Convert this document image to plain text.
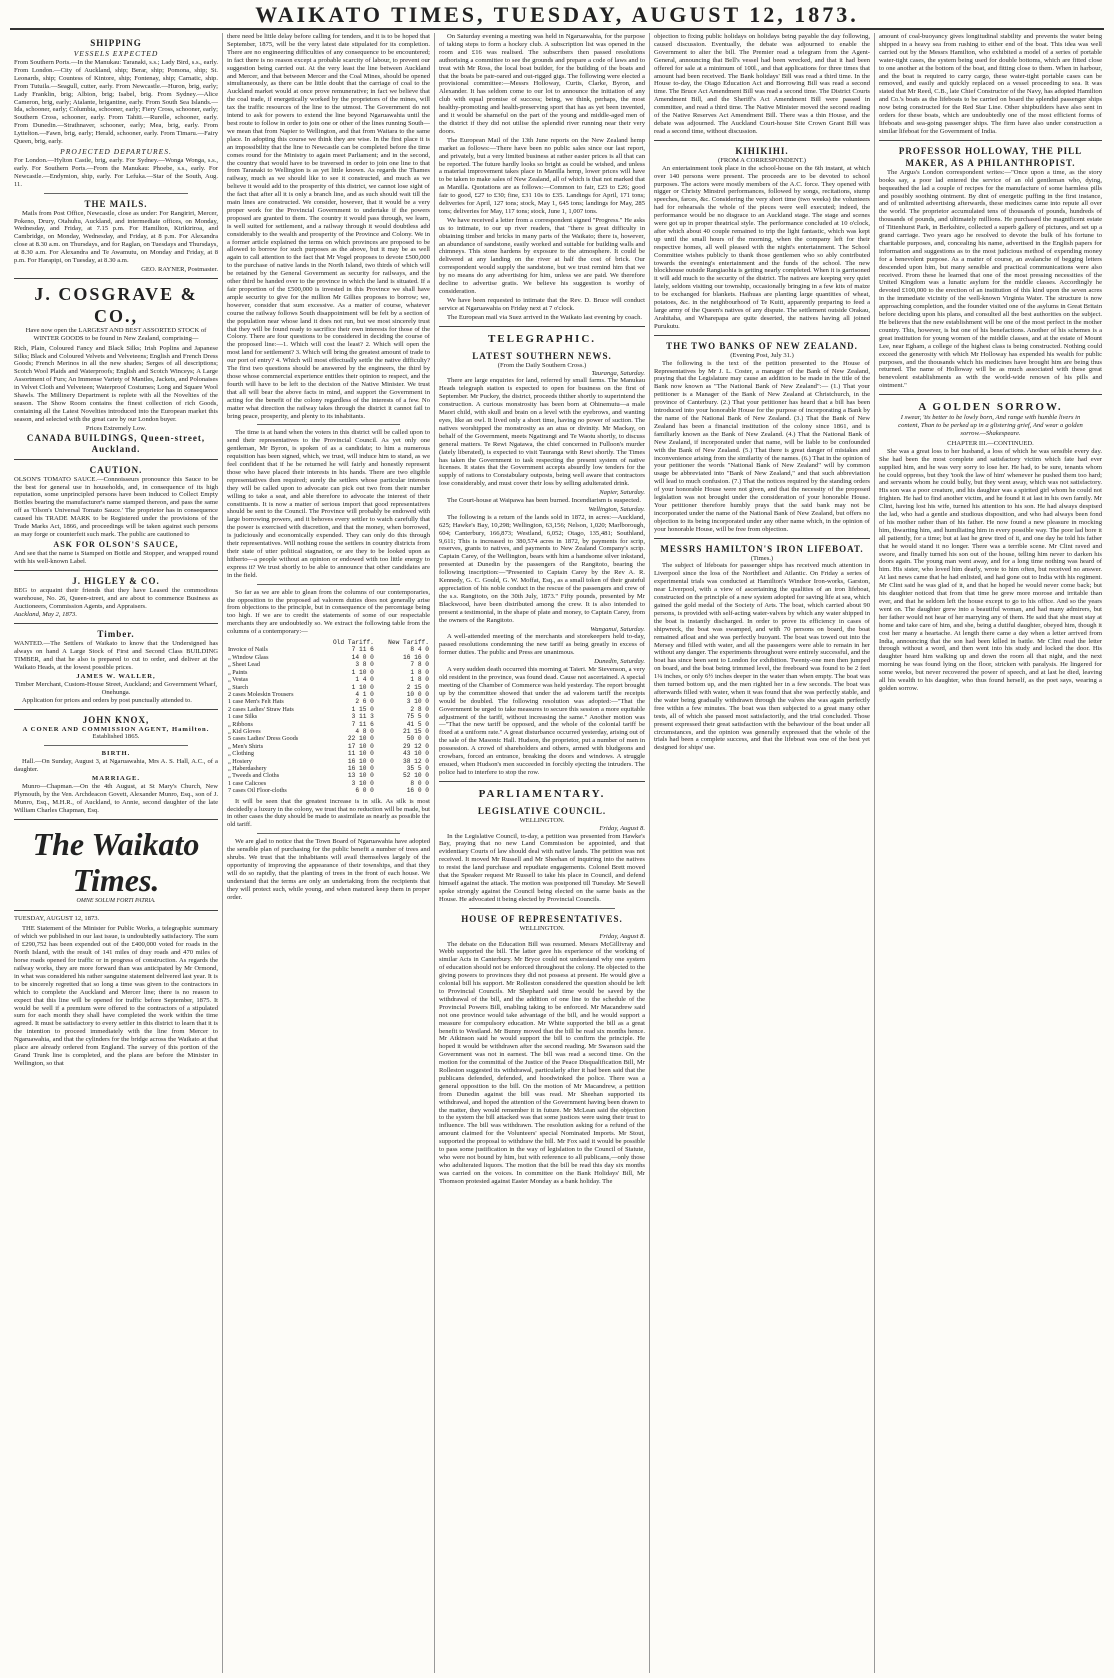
WAIKATO TIMES, TUESDAY, AUGUST 12, 1873.
SHIPPING
VESSELS EXPECTED

From Southern Ports.—In the Manukau: Taranaki, s.s.; Lady Bird, s.s., early. From London.—City of Auckland, ship; Berar, ship; Pomona, ship; St. Leonards, ship; Countess of Kintore, ship; Fontenay, ship; Carnatic, ship. From Tutuila.—Seagull, cutter, early. From Newcastle.—Huron, brig, early; Lady Franklin, brig; Albion, brig; Isabel, brig. From Sydney.—Alice Cameron, brig, early; Atalante, brigantine, early. From South Sea Islands.—Ida, schooner, early; Columbia, schooner, early; Fiery Cross, schooner, early; Southern Cross, schooner, early. From Tahiti.—Rurelle, schooner, early. From Dunedin.—Strathnaver, schooner, early; Mea, brig, early. From Lyttelton.—Fawn, brig, early; Herald, schooner, early. From Timaru.—Fairy Queen, brig, early.

PROJECTED DEPARTURES.

For London.—Hylton Castle, brig, early. For Sydney.—Wonga Wonga, s.s., early. For Southern Ports.—From the Manukau: Phoebe, s.s., early. For Newcastle.—Endymion, ship, early. For Lefuka.—Star of the South, Aug. 11.

THE MAILS.

Mails from Post Office, Newcastle, close as under: For Rangiriri, Mercer, Pokeno, Drury, Otahuhu, Auckland, and intermediate offices, on Monday, Wednesday, and Friday, at 7.15 p.m. For Hamilton, Kirikiriroa, and Cambridge, on Monday, Wednesday, and Friday, at 8 p.m. For Alexandra close at 8.30 a.m. on Thursdays, and for Raglan, on Tuesdays and Thursdays, at 8.30 a.m. For Alexandra and Te Awamutu, on Monday and Friday, at 8 p.m. For Harapipi, on Tuesday, at 8.30 a.m.

GEO. RAYNER, Postmaster.
J. COSGRAVE & CO.,
Have now open the LARGEST AND BEST ASSORTED STOCK of WINTER GOODS to be found in New Zealand, comprising—

Rich, Plain, Coloured Fancy and Black Silks; Irish Poplins and Japanese Silks; Black and Coloured Velvets and Velveteens; English and French Dress Goods; French Merinos in all the new shades; Serges of all descriptions; Scotch Wool Plaids and Waterproofs; English and Scotch Winceys; A Large Assortment of Furs; An Immense Variety of Mantles, Jackets, and Polonaises in Velvet Cloth and Velveteen; Waterproof Costumes; Long and Square Wool Shawls. The Millinery Department is replete with all the Novelties of the season. The Show Room contains the finest collection of rich Goods, containing all the Latest Novelties introduced into the European market this season, and selected with the great care by our London buyer.

Prices Extremely Low.
CANADA BUILDINGS, Queen-street, Auckland.
CAUTION.

OLSON'S TOMATO SAUCE.—Connoisseurs pronounce this Sauce to be the best for general use in households, and, in consequence of its high reputation, some unprincipled persons have been induced to Collect Empty Bottles bearing the manufacturer's name stamped thereon, and pass the same off as 'Olson's Universal Tomato Sauce.' The proprietor has in consequence caused his TRADE MARK to be Registered under the provisions of the Trade Marks Act, 1866, and proceedings will be taken against such persons as may forge or counterfeit such mark. The public are cautioned to

ASK FOR OLSON'S SAUCE,

And see that the name is Stamped on Bottle and Stopper, and wrapped round with his well-known Label.

J. HIGLEY & CO.

BEG to acquaint their friends that they have Leased the commodious warehouse, No. 26, Queen-street, and are about to commence Business as Auctioneers, Commission Agents, and Appraisers.

Auckland, May 2, 1873.
Timber.

WANTED.—The Settlers of Waikato to know that the Undersigned has always on hand A Large Stock of First and Second Class BUILDING TIMBER, and that he also is prepared to cut to order, and deliver at the Waikato Heads, at the lowest possible prices.

JAMES W. WALLER,
Timber Merchant, Custom-House Street, Auckland; and Government Wharf, Onehunga.

Application for prices and orders by post punctually attended to.

JOHN KNOX,
A CONER AND COMMISSION AGENT, Hamilton.
Established 1865.
BIRTH.

Hall.—On Sunday, August 3, at Ngaruawahia, Mrs A. S. Hall, A.C., of a daughter.

MARRIAGE.

Munro—Chapman.—On the 4th August, at St Mary's Church, New Plymouth, by the Ven. Archdeacon Govett, Alexander Munro, Esq., son of J. Munro, Esq., M.H.R., of Auckland, to Annie, second daughter of the late William Charles Chapman, Esq.

The Waikato Times.
OMNE SOLUM FORTI PATRIA.
TUESDAY, AUGUST 12, 1873.

THE Statement of the Minister for Public Works, a telegraphic summary of which we published in our last issue, is undoubtedly satisfactory. The sum of £290,752 has been expended out of the £400,000 voted for roads in the North Island, with the result of 141 miles of dray roads and 470 miles of horse roads opened for traffic or in progress of construction. As regards the railway works, they are more forward than was anticipated by Mr Ormond, in what was considered his rather sanguine statement delivered last year. It is to be sincerely regretted that so long a time was given to the contractors in which to complete the Auckland and Mercer line; there is no reason to expect that this line will be opened for traffic before September, 1875. It would be well if a premium were offered to the contractors of a stipulated sum for each month they shall have completed the work within the time agreed. It must be satisfactory to every settler in this district to learn that it is the intention to proceed immediately with the line from Mercer to Ngaruawahia, and that the cylinders for the bridge across the Waikato at that place are already ordered from England. The survey of this portion of the Grand Trunk line is completed, and the plans are before the Minister in Wellington, so that

there need be little delay before calling for tenders, and it is to be hoped that September, 1875, will be the very latest date stipulated for its completion. There are no engineering difficulties of any consequence to be encountered; in fact there is no reason except a probable scarcity of labour, to prevent our suggestion being carried out. At the very least the line between Auckland and Mercer, and that between Mercer and the Coal Mines, should be opened simultaneously, as there can be little doubt that the carriage of coal to the Auckland market would at once prove remunerative; in fact we believe that the coal trade, if energetically worked by the proprietors of the mines, will tax the traffic resources of the line to the utmost. The Government do not intend to ask for powers to extend the line beyond Ngaruawahia until the best route to follow in order to join one or other of the lines running South—we mean that from Napier to Wellington, and that from Waitara to the same place. In adopting this course we think they are wise. In the first place it is an impossibility that the line to Newcastle can be completed before the time comes round for the Ministry to again meet Parliament; and in the second, the country that would have to be traversed in order to join one line to that from Taranaki to Wellington is as yet little known. As regards the Thames railway, much as we should like to see it constructed, and much as we believe it would add to the prosperity of this district, we cannot lose sight of the fact that after all it is only a branch line, and as such should wait till the main lines are constructed. We consider, however, that it would be a very proper work for the Provincial Government to undertake if the powers proposed are granted to them. The country it would pass through, we learn, is well suited for settlement, and a railway through it would doubtless add considerably to the wealth and prosperity of the Province and Colony. We in a former article explained the terms on which provinces are proposed to be allowed to borrow for such purposes as the above, but it may be as well again to call attention to the fact that Mr Vogel proposes to devote £500,000 to the purchase of native lands in the North Island, two thirds of which will be retained by the General Government as security for railways, and the other third be handed over to the province in which the land is situated. If a fair proportion of the £500,000 is invested in this Province we shall have ample security to give for the million Mr Gillies proposes to borrow; we, however, consider that sum excessive. As a matter of course, whatever course the railway follows South disappointment will be felt by a section of the population near whose land it does not run, but we most sincerely trust that they will be found ready to sacrifice their own interests for those of the Colony. There are four questions to be considered in deciding the course of the proposed line:—1. Which will cost the least? 2. Which will open the most land for settlement? 3. Which will bring the greatest amount of trade to our port of entry? 4. Which will most effectually settle the native difficulty? The first two questions should be answered by the engineers, the third by those whose commercial experience entitles their opinion to respect, and the fourth will have to be left to the decision of the Native Minister. We trust that all will bear the above facts in mind, and support the Government in acting for the benefit of the colony regardless of the interests of a few. No matter what direction the railway takes through the district it cannot fail to bring peace, prosperity, and plenty to its inhabitants.

The time is at hand when the voters in this district will be called upon to send their representatives to the Provincial Council. As yet only one gentleman, Mr Byron, is spoken of as a candidate; to him a numerous requisition has been signed, which, we trust, will induce him to stand, as we feel confident that if he be returned he will fairly and honestly represent those who have placed their interests in his hands. There are two eligible representatives then required; surely the settlers whose particular interests they will be called upon to advocate can pick out two from their number willing to take a seat, and able therefore to advocate the interest of their constituents. It is now a matter of serious import that good representatives should be sent to the Council. The Province will probably be endowed with large borrowing powers, and it behoves every settler to watch carefully that the power is exercised with discretion, and that the money, when borrowed, is judiciously and economically expended. They can only do this through their representatives. Will nothing rouse the settlers in country districts from their state of utter political stagnation, or are they to be looked upon as hitherto—a people without an opinion or endowed with too little energy to express it? We trust shortly to be able to announce that other candidates are in the field.

So far as we are able to glean from the columns of our contemporaries, the opposition to the proposed ad valorem duties does not generally arise from objections to the principle, but in consequence of the percentage being too high. If we are to credit the statements of some of our respectable merchants they are undoubtedly so. We extract the following table from the columns of a contemporary:—

	Old Tariff.	New Tariff.
Invoice of Nails	7 11 6	8 4 0
„ Window Glass	14 0 0	16 16 0
„ Sheet Lead	3 8 0	7 8 0
„ Paints	1 10 0	1 8 0
„ Vestas	1 4 0	1 8 0
„ Starch	1 10 0	2 15 0
2 cases Moleskin Trousers	4 1 0	10 0 0
1 case Men's Felt Hats	2 6 0	3 10 0
2 cases Ladies' Straw Hats	1 15 0	2 8 0
1 case Silks	3 11 3	75 5 0
„ Ribbons	7 11 6	41 5 0
„ Kid Gloves	4 8 0	21 15 0
5 cases Ladies' Dress Goods	22 10 0	50 0 0
„ Men's Shirts	17 10 0	29 12 0
„ Clothing	11 10 0	43 10 0
„ Hosiery	16 10 0	38 12 0
„ Haberdashery	16 10 0	35 5 0
„ Tweeds and Cloths	13 10 0	52 10 0
1 case Calicoes	3 10 0	8 0 0
7 cases Oil Floor-cloths	6 0 0	16 0 0

It will be seen that the greatest increase is in silk. As silk is most decidedly a luxury in the colony, we trust that no reduction will be made, but in other cases the duty should be made to assimilate as nearly as possible the old tariff.

We are glad to notice that the Town Board of Ngaruawahia have adopted the sensible plan of purchasing for the public benefit a number of trees and shrubs. We trust that the inhabitants will avail themselves largely of the opportunity of improving the appearance of their townships, and that they will do so rapidly, that the planting of trees in the front of each house. We understand that the terms are only an undertaking from the recipients that they will protect such, while young, and when matured keep them in proper order.

On Saturday evening a meeting was held in Ngaruawahia, for the purpose of taking steps to form a hockey club. A subscription list was opened in the room and £16 was realised. The subscribers then passed resolutions authorising a committee to see the grounds and prepare a code of laws and to treat with Mr Ross, the local boat builder, for the building of the boats and that the boats be pair-oared and out-rigged gigs. The following were elected a provisional committee:—Messrs Holloway, Curtis, Clarke, Byron, and Alexander. It has seldom come to our lot to announce the initiation of any club with equal promise of success; being, we think, perhaps, the most healthy-promoting and health-preserving sport that has as yet been invented, and it would be shameful on the part of the young and middle-aged men of the district if they did not utilise the splendid river running near their very doors.

The European Mail of the 13th June reports on the New Zealand hemp market as follows:—There have been no public sales since our last report, and privately, but a very limited business at rather easier prices is all that can be reported. The future hardly looks so bright as could be wished, and unless a material improvement takes place in Manilla hemp, lower prices will have to be taken to make sales of New Zealand, all of which is that not marked that as Manilla. Quotations are as follows:—Common to fair, £23 to £26; good fair to good, £27 to £30; fine, £31 10s to £35. Landings for April, 171 tons; deliveries for April, 127 tons; stock, May 1, 645 tons; landings for May, 285 tons; deliveries for May, 117 tons; stock, June 1, 1,007 tons.

We have received a letter from a correspondent signed "Progress." He asks us to intimate, to our up river readers, that "there is great difficulty in obtaining timber and bricks in many parts of the Waikato; there is, however, an abundance of sandstone, easily worked and suitable for building walls and chimneys. This stone hardens by exposure to the atmosphere. It could be delivered at any landing on the river at half the cost of brick. Our correspondent would supply the sandstone, but we trust remind him that we by no means do any advertising for him, unless we are paid. We therefore decline to advertise gratis. We believe his suggestion is worthy of consideration.

We have been requested to intimate that the Rev. D. Bruce will conduct service at Ngaruawahia on Friday next at 7 o'clock.

The European mail via Suez arrived in the Waikato last evening by coach.

TELEGRAPHIC.
LATEST SOUTHERN NEWS.
(From the Daily Southern Cross.)
Tauranga, Saturday.

There are large enquiries for land, referred by small farms. The Manukau Heads telegraph station is expected to open for business on the first of September. Mr Puckey, the district, proceeds thither shortly to superintend the construction. A curious monstrosity has been born at Ohinemutu—a male Maori child, with skull and brain on a level with the eyebrows, and wanting eyes, like an owl. It lived only a short time, having no power of suction. The natives worshipped the monstrosity as an atua or divinity. Mr Mackay, on behalf of the Government, meets Ngatirangi and Te Waotu shortly, to discuss general matters. Te Rewi Ngatawa, the chief concerned in Fulloon's murder (lately liberated), is expected to visit Tauranga with Rewi shortly. The Times has taken the Government to task respecting the present system of native licenses. It states that the Government accepts absurdly low tenders for the supply of rations to Constabulary outposts, being well aware that contractors lose considerably, and must cover their loss by selling adulterated drink.

Napier, Saturday.

The Court-house at Waipawa has been burned. Incendiarism is suspected.

Wellington, Saturday.

The following is a return of the lands sold in 1872, in acres:—Auckland, 625; Hawke's Bay, 10,298; Wellington, 63,156; Nelson, 1,020; Marlborough, 604; Canterbury, 166,873; Westland, 6,052; Otago, 135,481; Southland, 9,611; This is increased to 380,574 acres in 1872, by payments for scrip, reserves, grants to natives, and payments to New Zealand Company's scrip. Captain Carey, of the Wellington, bears with him a handsome silver inkstand, presented at Dunedin by the passengers of the Rangitoto, bearing the following inscription:—"Presented to Captain Carey by the Rev A. R. Kennedy, G. C. Gould, G. W. Moffat, Esq., as a small token of their grateful appreciation of his noble conduct in the rescue of the passengers and crew of the s.s. Rangitoto, on the 30th July, 1873." Fifty pounds, presented by Mr Blackwood, have been distributed among the crew. It is also intended to present a testimonial, in the shape of plate and money, to Captain Carey, from the owners of the Rangitoto.

Wanganui, Saturday.

A well-attended meeting of the merchants and storekeepers held to-day, passed resolutions condemning the new tariff as being greatly in excess of former duties. The public and Press are unanimous.

Dunedin, Saturday.

A very sudden death occurred this morning at Taieri. Mr Stevenson, a very old resident in the province, was found dead. Cause not ascertained. A special meeting of the Chamber of Commerce was held yesterday. The report brought up by the committee showed that under the ad valorem tariff the receipts would be doubled. The following resolution was adopted:—"That the Government be urged to take measures to secure this session a more equitable adjustment of the tariff, without increasing the same." Another motion was—"That the new tariff be opposed, and the whole of the colonial tariff be fixed at a uniform rate." A great disturbance occurred yesterday, arising out of the sale of the Masonic Hall. Hudson, the proprietor, put a number of men in possession. A crowd of shareholders and others, armed with bludgeons and crowbars, forced an entrance, breaking the doors and windows. A struggle ensued, when Hudson's men succeeded in forcibly ejecting the intruders. The police had to interfere to stop the row.

PARLIAMENTARY.
LEGISLATIVE COUNCIL.
WELLINGTON.
Friday, August 8.

In the Legislative Council, to-day, a petition was presented from Hawke's Bay, praying that no new Land Commission be appointed, and that evidentiary Courts of law should deal with native lands. The petition was not received. It moved Mr Russell and Mr Sheehan of inquiring into the natives to resist the land purchase and repudiate engagements. Colonel Brett moved that the Speaker request Mr Russell to take his place in Council, and defend himself against the attack. The motion was postponed till Tuesday. Mr Sewell spoke strongly against the Council being elected on the same basis as the House. He advocated it being elected by Provincial Councils.

HOUSE OF REPRESENTATIVES.
WELLINGTON.
Friday, August 8.

The debate on the Education Bill was resumed. Messrs McGillivray and Webb supported the bill. The latter gave his experience of the working of similar Acts in Canterbury. Mr Bryce could not understand why one system of education should not be enforced throughout the colony. He objected to the giving powers to provinces they did not possess at present. He would give a colonial bill his support. Mr Rolleston considered the question should be left to Provincial Councils. Mr Shephard said time would be saved by the withdrawal of the bill, and the addition of one line to the schedule of the Provincial Powers Bill, enabling taking to be enforced. Mr Macandrew said not one province would take advantage of the bill, and he would support a measure for compulsory education. Mr White supported the bill as a great benefit to Westland. Mr Bunny moved that the bill be read six months hence. Mr Atkinson said he would support the bill to confirm the principle. He hoped it would be withdrawn after the second reading. Mr Swanson said the Government was not in earnest. The bill was read a second time. On the motion for the committal of the Justice of the Peace Disqualification Bill, Mr Rolleston suggested its withdrawal, particularly after it had been said that the publicans defended, defended, and hoodwinked the police. There was a general opposition to the bill. On the motion of Mr Macandrew, a petition from Dunedin against the bill was read. Mr Sheehan supported its withdrawal, and hoped the attention of the Government having been drawn to the matter, they would remember it in future. Mr McLean said the objection to the system the bill attacked was that some justices were using their trust to influence. The bill was withdrawn. The resolution asking for a refund of the amount claimed for the Volunteers' special Nominated Imports. Mr Stout, supported the proposal to withdraw the bill. Mr Fox said it would be possible to pass some justification in the way of legislation to the Council of Statute, who were not bound by him, but with reference to all publicans,—only those who adulterated liquors. The motion that the bill be read this day six months was carried on the voices. In committee on the Bank Holidays' Bill, Mr Thomson protested against Easter Monday as a bank holiday. The

objection to fixing public holidays on holidays being payable the day following, caused discussion. Eventually, the debate was adjourned to enable the Government to alter the bill. The Premier read a telegram from the Agent-General, announcing that Bell's vessel had been wrecked, and that it had been offered for sale at a minimum of 100l., and that applications for three times that amount had been received. The Bank holidays' Bill was read a third time. In the House to-day, the Otago Education Act and Borrowing Bill was read a second time. The Bruce Act Amendment Bill was read a second time. The District Courts Amendment Bill, and the Sheriff's Act Amendment Bill were passed in committee, and read a third time. The Native Minister moved the second reading of the Native Reserves Act Amendment Bill. There was a thin House, and the debate was adjourned. The Auckland Court-house Site Crown Grant Bill was read a second time, without discussion.

KIHIKIHI.
(FROM A CORRESPONDENT.)

An entertainment took place in the school-house on the 6th instant, at which over 140 persons were present. The proceeds are to be devoted to school purposes. The actors were mostly members of the A.C. force. They opened with nigger or Christy Minstrel performances, followed by songs, recitations, stump speeches, farces, &c. Considering the very short time (two weeks) the volunteers had for rehearsals the whole of the pieces were well executed; indeed, the performance would be no disgrace to an Auckland stage. The stage and scenes were got up in proper theatrical style. The performance concluded at 10 o'clock, after which about 40 couple remained to trip the light fantastic, which was kept up until the small hours of the morning, when the company left for their respective homes, all well pleased with the night's entertainment. The School Committee wishes publicly to thank those gentlemen who so ably contributed towards the evening's entertainment and the funds of the school. The new blockhouse outside Rangiaohia is getting nearly completed. When it is garrisoned it will add much to the security of the district. The natives are keeping very quiet lately, seldom visiting our township, occasionally bringing in a few kits of maize to be exchanged for blankets. Haihuas are planting large quantities of wheat, potatoes, &c. in the neighbourhood of Te Kuiti, apparently preparing to feed a large army of the Queen's natives of any dispute. The settlement outside Orakau, Arahitaha, and Wharepapa are quite deserted, the natives having all joined Purukutu.

THE TWO BANKS OF NEW ZEALAND.
(Evening Post, July 31.)

The following is the text of the petition presented to the House of Representatives by Mr J. L. Coster, a manager of the Bank of New Zealand, praying that the Legislature may cause an addition to be made in the title of the Bank now known as "The National Bank of New Zealand":— (1.) That your petitioner is a Manager of the Bank of New Zealand at Christchurch, in the province of Canterbury. (2.) That your petitioner has heard that a bill has been introduced into your honorable House for the purpose of incorporating a Bank by the name of the National Bank of New Zealand. (3.) That the Bank of New Zealand has been a financial institution of the colony since 1861, and is familiarly known as the Bank of New Zealand. (4.) That the National Bank of New Zealand, if incorporated under that name, will be liable to be confounded with the Bank of New Zealand. (5.) That there is great danger of mistakes and inconvenience arising from the similarity of the names. (6.) That in the opinion of your petitioner the words "National Bank of New Zealand" will by common usage be abbreviated into "Bank of New Zealand," and that such abbreviation will lead to much confusion. (7.) That the notices required by the standing orders of your honorable House were not given, and that the necessity of the proposed legislation was not brought under the consideration of your honorable House. Your petitioner therefore humbly prays that the said bank may not be incorporated under the name of the National Bank of New Zealand, but offers no objection to its being incorporated under any other name which, in the opinion of your honorable House, will be free from objection.

MESSRS HAMILTON'S IRON LIFEBOAT.
(Times.)

The subject of lifeboats for passenger ships has received much attention in Liverpool since the loss of the Northfleet and Atlantic. On Friday a series of experimental trials was conducted at Hamilton's Windsor Iron-works, Garston, near Liverpool, with a view of ascertaining the qualities of an iron lifeboat, constructed on the principle of a new system adopted for saving life at sea, which gained the gold medal of the Society of Arts. The boat, which carried about 90 persons, is provided with self-acting water-valves by which any water shipped in the boat is instantly discharged. In order to prove its efficiency in cases of shipwreck, the boat was swamped, and with 70 persons on board, the boat remained afloat and she was perfectly buoyant. The boat was towed out into the Mersey and filled with water, and all the passengers were able to remain in her without any danger. The experiments throughout were entirely successful, and the boat has since been sent to London for exhibition. Twenty-one men then jumped on board, and the boat being trimmed level, the freeboard was found to be 2 feet 1¼ inches, or only 6½ inches deeper in the water than when empty. The boat was then turned bottom up, and the men righted her in a few seconds. The boat was afterwards filled with water, when it was found that she was perfectly stable, and the water being gradually withdrawn through the valves she was again perfectly free within a few minutes. The boat was then subjected to a great many other tests, all of which she passed most satisfactorily, and the trial concluded. Those present expressed their great satisfaction with the behaviour of the boat under all circumstances, and the opinion was generally expressed that the whole of the trials had been a complete success, and that the lifeboat was one of the best yet designed for ships' use.

amount of coal-buoyancy gives longitudinal stability and prevents the water being shipped in a heavy sea from rushing to either end of the boat. This idea was well carried out by the Messrs Hamilton, who exhibited a model of a series of portable water-tight cases, the system being used for double bottoms, which are fitted close to one another at the bottom of the boat, and fitting close to them. When in harbour, and the boat is required to carry cargo, these water-tight portable cases can be removed, and easily and quickly replaced on a vessel proceeding to sea. It was stated that Mr Reed, C.B., late Chief Constructor of the Navy, has adopted Hamilton and Co.'s boats as the lifeboats to be carried on board the splendid passenger ships now being constructed for the Red Star Line. Other shipbuilders have also sent in orders for these boats, which are undoubtedly one of the most efficient forms of lifeboats and sea-going passenger ships. The firm have also under construction a similar lifeboat for the Government of India.

PROFESSOR HOLLOWAY, THE PILL MAKER, AS A PHILANTHROPIST.

The Argus's London correspondent writes:—"Once upon a time, as the story books say, a poor lad entered the service of an old gentleman who, dying, bequeathed the lad a couple of recipes for the manufacture of some harmless pills and possibly soothing ointment. By dint of energetic puffing in the first instance, and of unlimited advertising afterwards, these medicines came into repute all over the world. The proprietor accumulated tens of thousands of pounds, hundreds of thousands of pounds, and ultimately millions. He purchased the magnificent estate of Tittenhurst Park, in Berkshire, collected a superb gallery of pictures, and set up a grand carriage. Two years ago he resolved to devote the bulk of his fortune to charitable purposes, and, concealing his name, advertised in the English papers for information and suggestions as to the most judicious method of expending money for a benevolent purpose. As a matter of course, an avalanche of begging letters descended upon him, but many sensible and practical communications were also received. From these he learned that one of the most pressing necessities of the United Kingdom was a lunatic asylum for the middle classes. Accordingly he devoted £100,000 to the erection of an institution of this kind upon the seven acres in the immediate vicinity of the well-known Virginia Water. The structure is now approaching completion, and the founder visited one of the asylums in Great Britain before deciding upon his plans, and consulted all the best authorities on the subject. He believes that the new establishment will be one of the most perfect in the mother country. This, however, is but one of his benefactions. Another of his schemes is a great institution for young women of the middle classes, and at the estate of Mount Lee, near Egham, a college of the highest class is being constructed. Nothing could exceed the generosity with which Mr Holloway has expended his wealth for public purposes, and the thousands which his medicines have brought him are being thus returned. The name of Holloway will be as much associated with these great benevolent establishments as with the world-wide renown of his pills and ointment."

A GOLDEN SORROW.
I swear, 'tis better to be lowly born, And range with humble livers in content, Than to be perked up in a glistering grief, And wear a golden sorrow.—Shakespeare.
CHAPTER III.—CONTINUED.

She was a great loss to her husband, a loss of which he was sensible every day. She had been the most complete and satisfactory victim which fate had ever supplied him, and he was very sorry to lose her. He had, to be sure, tenants whom he could oppress, but they 'took the law of him' whenever he pushed them too hard; and servants whom he could bully, but they went away, which was not satisfactory. His son was a poor creature, and his daughter was a spirited girl whom he could not frighten. He had to find another victim, and he found it at last in his own family. Mr Clint, having lost his wife, turned his attention to his son. He had always despised the lad, who had a gentle and studious disposition, and who had always been fond of his mother rather than of his father. He now found a new pleasure in mocking him, thwarting him, and humiliating him in every possible way. The poor lad bore it all patiently, for a time; but at last he grew tired of it, and one day he told his father that he would stand it no longer. There was a terrible scene. Mr Clint raved and swore, and finally turned his son out of the house, telling him never to darken his doors again. The young man went away, and for a long time nothing was heard of him. His sister, who loved him dearly, wrote to him often, but received no answer. At last news came that he had enlisted, and had gone out to India with his regiment. Mr Clint said he was glad of it, and that he hoped he would never come back; but his daughter noticed that from that time he grew more morose and irritable than ever, and that he seldom left the house except to go to his office. And so the years went on. The daughter grew into a beautiful woman, and had many admirers, but her father would not hear of her marrying any of them. He said that she must stay at home and take care of him, and she, being a dutiful daughter, obeyed him, though it cost her many a heartache. At length there came a day when a letter arrived from India, announcing that the son had been killed in battle. Mr Clint read the letter through without a word, and then went into his study and locked the door. His daughter heard him walking up and down the room all that night, and the next morning he was found lying on the floor, stricken with paralysis. He lingered for some weeks, but never recovered the power of speech, and at last he died, leaving all his wealth to his daughter, who thus found herself, as the poet says, wearing a golden sorrow.
